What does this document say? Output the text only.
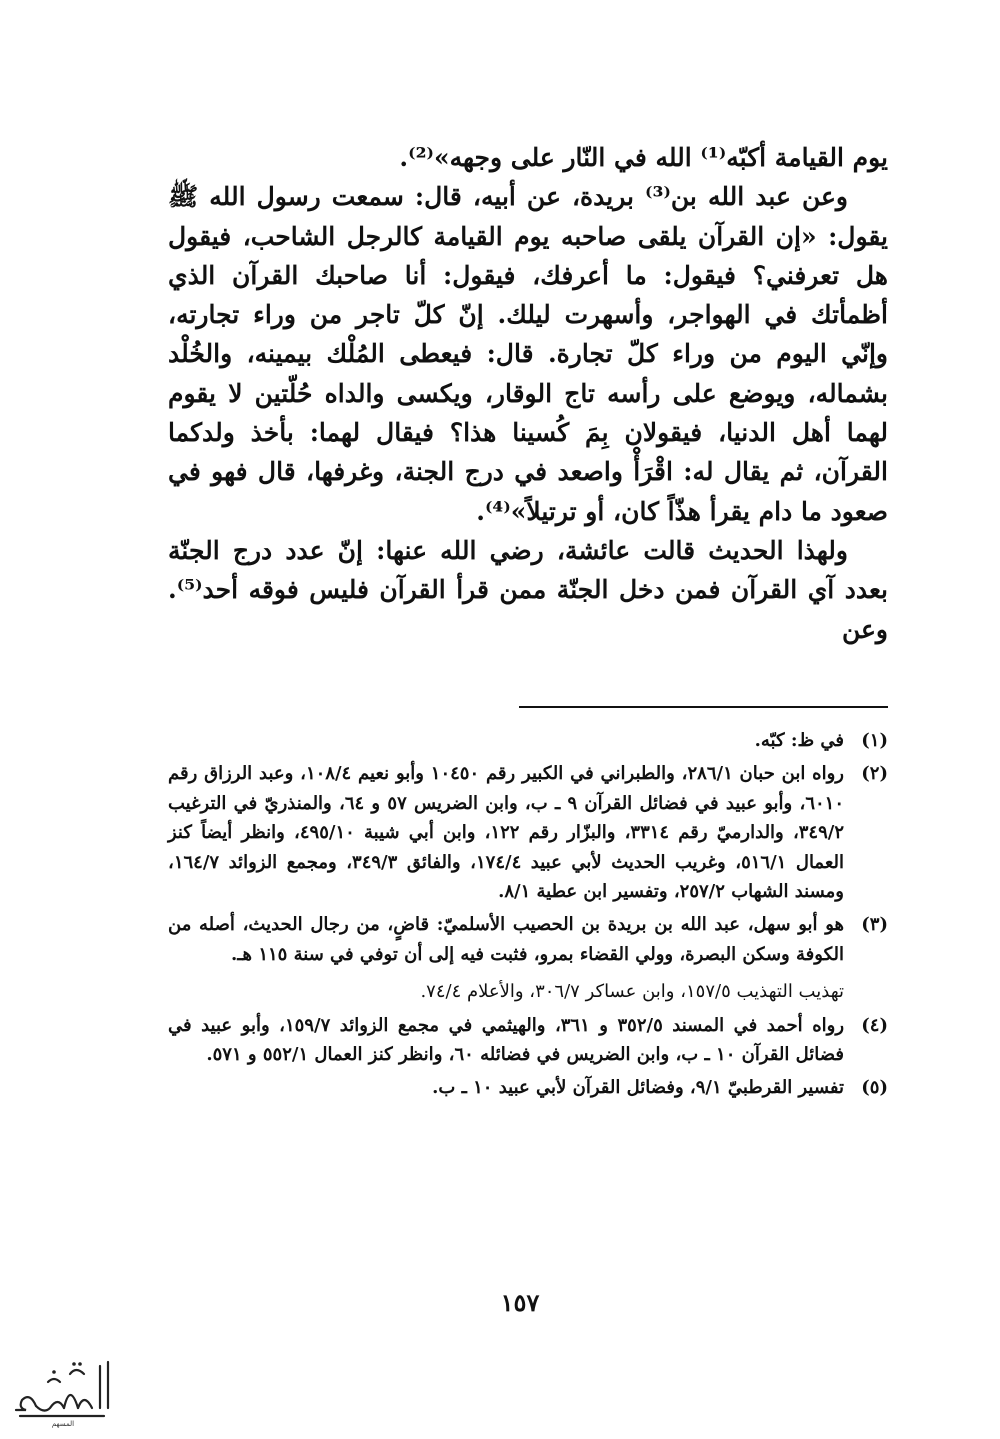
يوم القيامة أكبّه⁽¹⁾ الله في النّار على وجهه»⁽²⁾.

وعن عبد الله بن⁽³⁾ بريدة، عن أبيه، قال: سمعت رسول الله ﷺ يقول: «إن القرآن يلقى صاحبه يوم القيامة كالرجل الشاحب، فيقول هل تعرفني؟ فيقول: ما أعرفك، فيقول: أنا صاحبك القرآن الذي أظمأتك في الهواجر، وأسهرت ليلك. إنّ كلّ تاجر من وراء تجارته، وإنّي اليوم من وراء كلّ تجارة. قال: فيعطى المُلْك بيمينه، والخُلْد بشماله، ويوضع على رأسه تاج الوقار، ويكسى والداه حُلّتين لا يقوم لهما أهل الدنيا، فيقولان بِمَ كُسينا هذا؟ فيقال لهما: بأخذ ولدكما القرآن، ثم يقال له: اقْرَأْ واصعد في درج الجنة، وغرفها، قال فهو في صعود ما دام يقرأ هذّاً كان، أو ترتيلاً»⁽⁴⁾.

ولهذا الحديث قالت عائشة، رضي الله عنها: إنّ عدد درج الجنّة بعدد آي القرآن فمن دخل الجنّة ممن قرأ القرآن فليس فوقه أحد⁽⁵⁾. وعن

(١)

في ظ: كبّه.

(٢)

رواه ابن حبان ٢٨٦/١، والطبراني في الكبير رقم ١٠٤٥٠ وأبو نعيم ١٠٨/٤، وعبد الرزاق رقم ٦٠١٠، وأبو عبيد في فضائل القرآن ٩ ـ ب، وابن الضريس ٥٧ و ٦٤، والمنذريّ في الترغيب ٣٤٩/٢، والدارميّ رقم ٣٣١٤، والبزّار رقم ١٢٢، وابن أبي شيبة ٤٩٥/١٠، وانظر أيضاً كنز العمال ٥١٦/١، وغريب الحديث لأبي عبيد ١٧٤/٤، والفائق ٣٤٩/٣، ومجمع الزوائد ١٦٤/٧، ومسند الشهاب ٢٥٧/٢، وتفسير ابن عطية ٨/١.

(٣)

هو أبو سهل، عبد الله بن بريدة بن الحصيب الأسلميّ: قاضٍ، من رجال الحديث، أصله من الكوفة وسكن البصرة، وولي القضاء بمرو، فثبت فيه إلى أن توفي في سنة ١١٥ هـ.

تهذيب التهذيب ١٥٧/٥، وابن عساكر ٣٠٦/٧، والأعلام ٧٤/٤.

(٤)

رواه أحمد في المسند ٣٥٢/٥ و ٣٦١، والهيثمي في مجمع الزوائد ١٥٩/٧، وأبو عبيد في فضائل القرآن ١٠ ـ ب، وابن الضريس في فضائله ٦٠، وانظر كنز العمال ٥٥٢/١ و ٥٧١.

(٥)

تفسير القرطبيّ ٩/١، وفضائل القرآن لأبي عبيد ١٠ ـ ب.

١٥٧
المسهم
